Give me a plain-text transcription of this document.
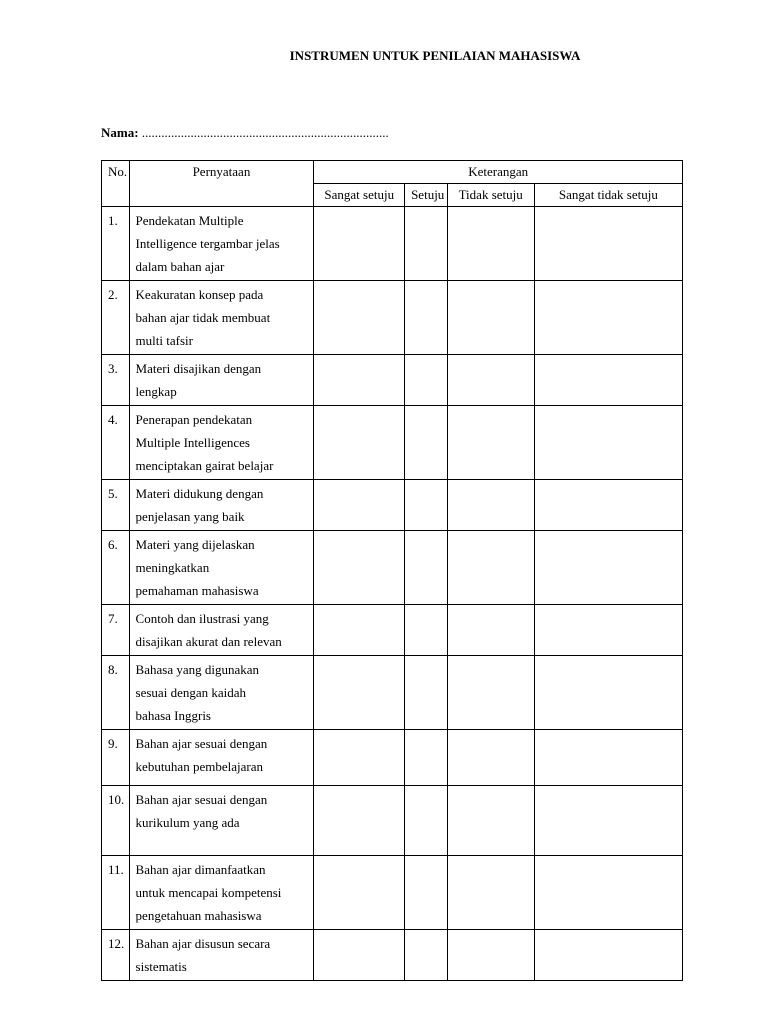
INSTRUMEN UNTUK PENILAIAN MAHASISWA
Nama: ............................................................................
No.	Pernyataan	Keterangan			
		Sangat setuju	Setuju	Tidak setuju	Sangat tidak setuju
1.	Pendekatan Multiple
Intelligence tergambar jelas
dalam bahan ajar				
2.	Keakuratan konsep pada
bahan ajar tidak membuat
multi tafsir				
3.	Materi disajikan dengan
lengkap				
4.	Penerapan pendekatan
Multiple Intelligences
menciptakan gairat belajar				
5.	Materi didukung dengan
penjelasan yang baik				
6.	Materi yang dijelaskan
meningkatkan
pemahaman mahasiswa				
7.	Contoh dan ilustrasi yang
disajikan akurat dan relevan				
8.	Bahasa yang digunakan
sesuai dengan kaidah
bahasa Inggris				
9.	Bahan ajar sesuai dengan
kebutuhan pembelajaran				
10.	Bahan ajar sesuai dengan
kurikulum yang ada				
11.	Bahan ajar dimanfaatkan
untuk mencapai kompetensi
pengetahuan mahasiswa				
12.	Bahan ajar disusun secara
sistematis				
